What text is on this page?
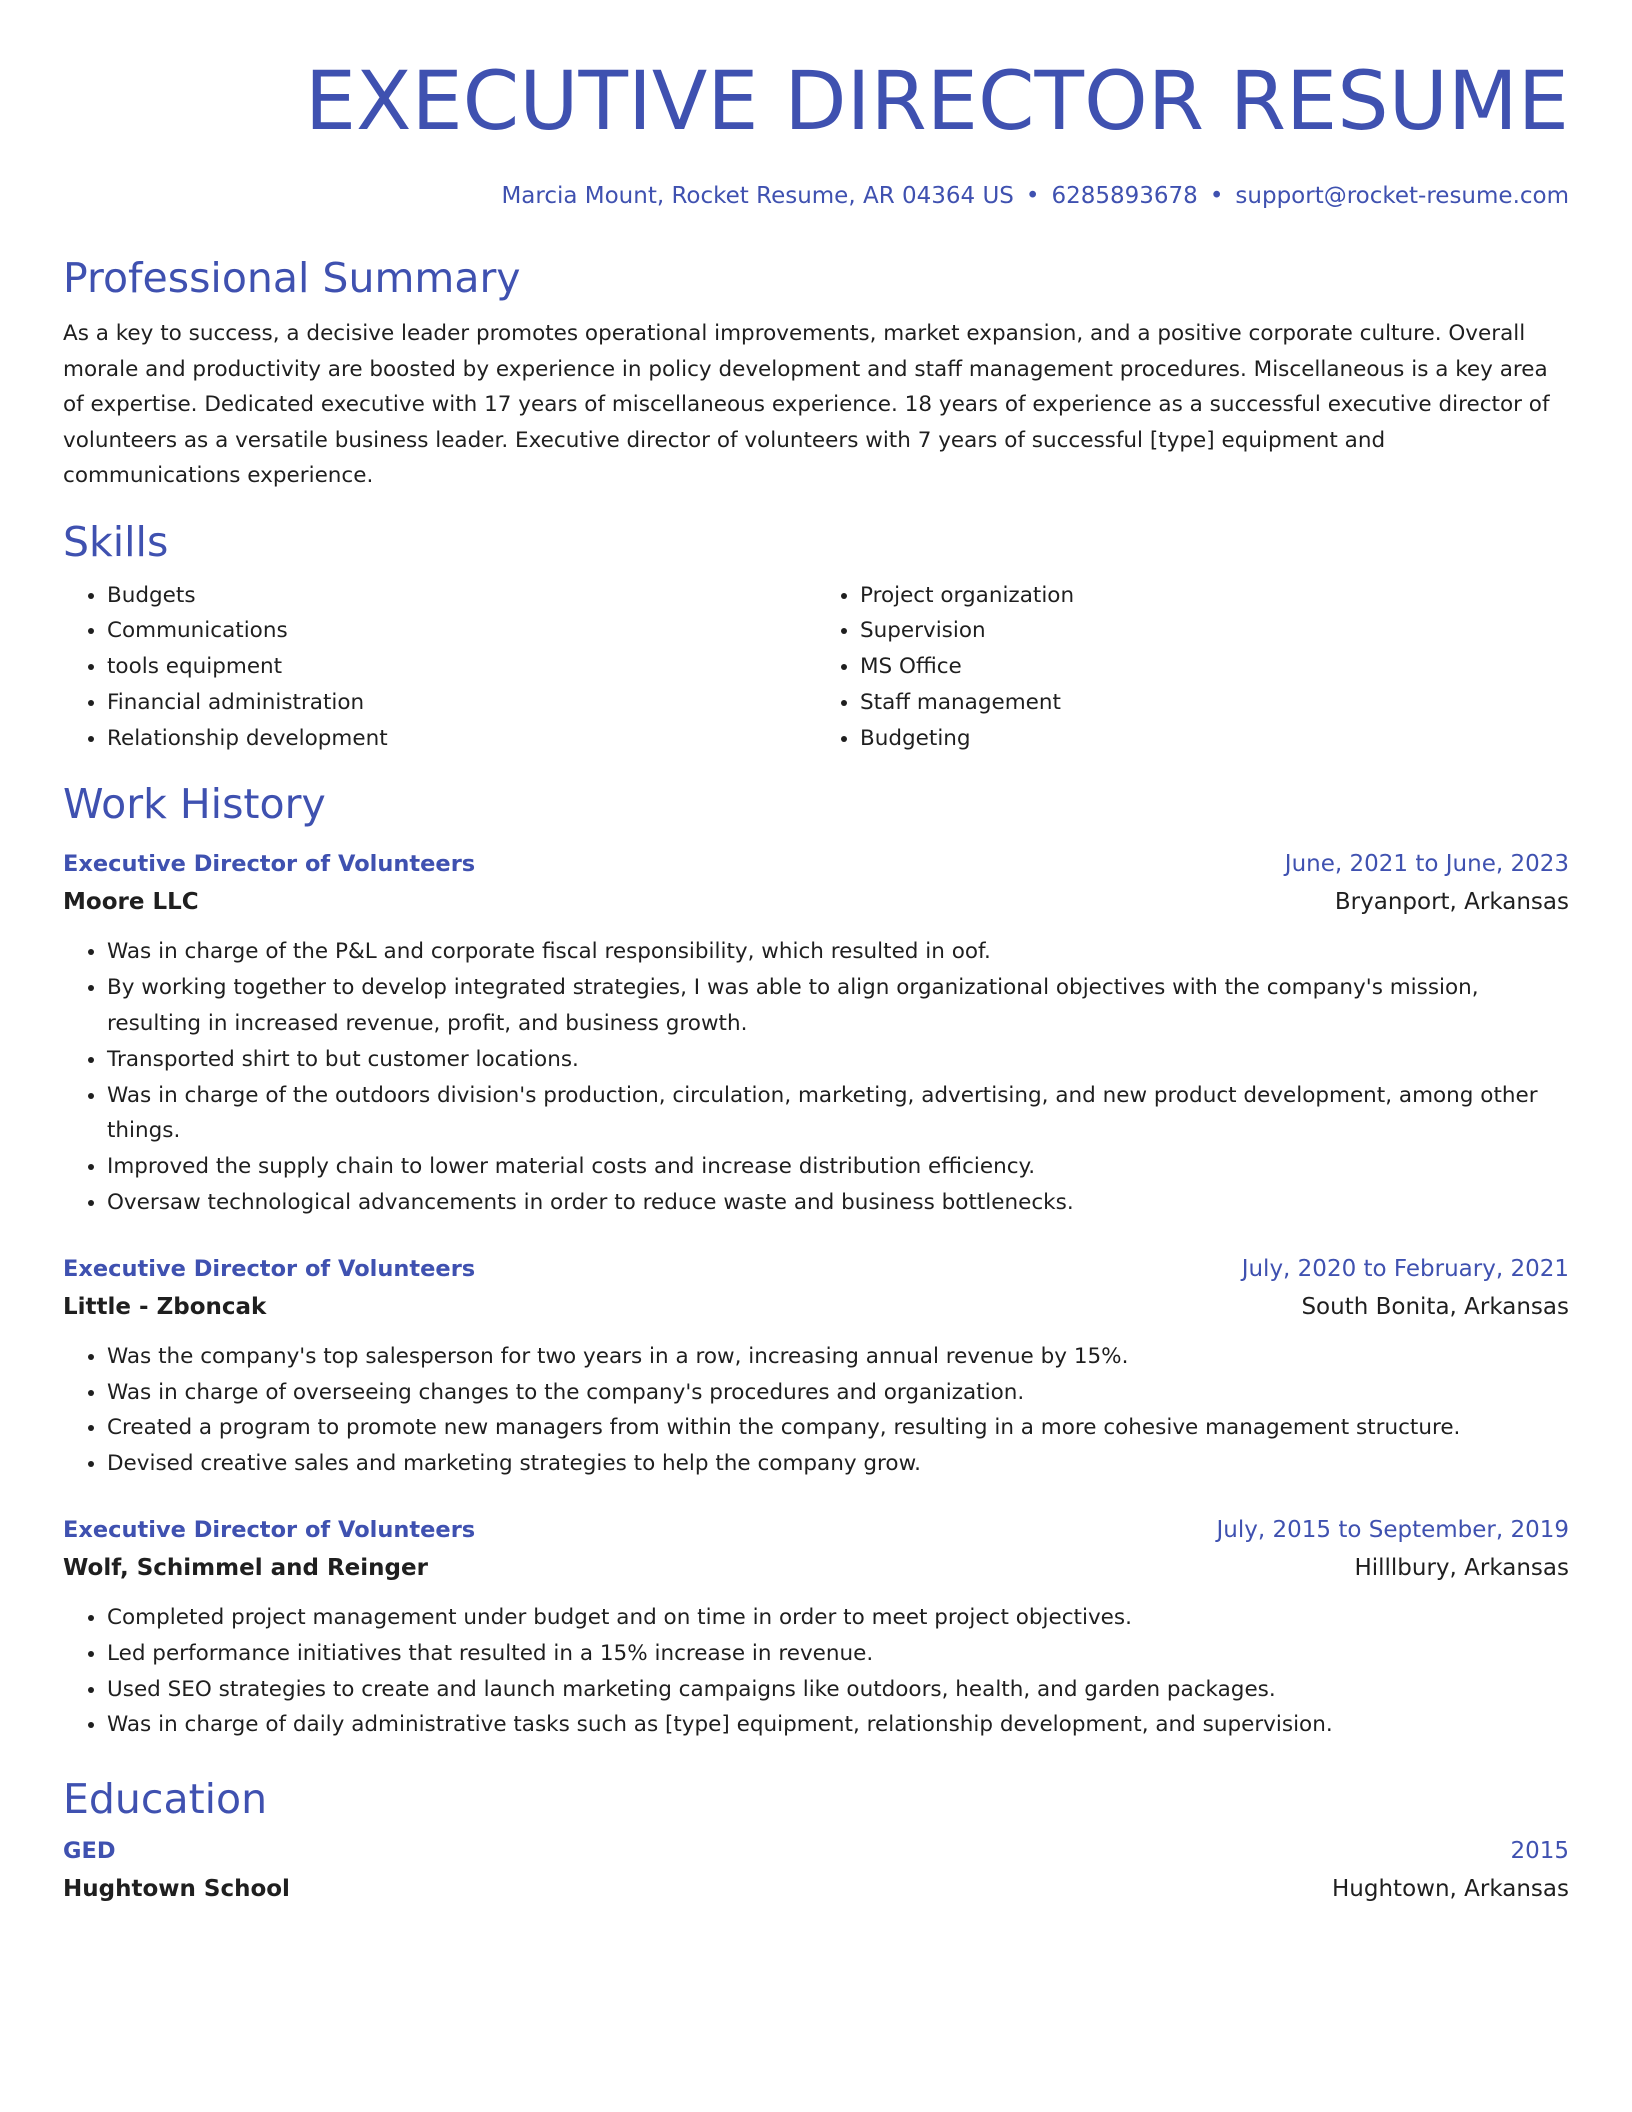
EXECUTIVE DIRECTOR RESUME
Marcia Mount, Rocket Resume, AR 04364 US • 6285893678 • support@rocket-resume.com
Professional Summary

As a key to success, a decisive leader promotes operational improvements, market expansion, and a positive corporate culture. Overall morale and productivity are boosted by experience in policy development and staff management procedures. Miscellaneous is a key area of expertise. Dedicated executive with 17 years of miscellaneous experience. 18 years of experience as a successful executive director of volunteers as a versatile business leader. Executive director of volunteers with 7 years of successful [type] equipment and communications experience.

Skills
• Budgets
• Communications
• tools equipment
• Financial administration
• Relationship development
• Project organization
• Supervision
• MS Office
• Staff management
• Budgeting
Work History
Executive Director of Volunteers	June, 2021 to June, 2023
Moore LLC	Bryanport, Arkansas
• Was in charge of the P&L and corporate fiscal responsibility, which resulted in oof.
• By working together to develop integrated strategies, I was able to align organizational objectives with the company's mission, resulting in increased revenue, profit, and business growth.
• Transported shirt to but customer locations.
• Was in charge of the outdoors division's production, circulation, marketing, advertising, and new product development, among other things.
• Improved the supply chain to lower material costs and increase distribution efficiency.
• Oversaw technological advancements in order to reduce waste and business bottlenecks.
Executive Director of Volunteers	July, 2020 to February, 2021
Little - Zboncak	South Bonita, Arkansas
• Was the company's top salesperson for two years in a row, increasing annual revenue by 15%.
• Was in charge of overseeing changes to the company's procedures and organization.
• Created a program to promote new managers from within the company, resulting in a more cohesive management structure.
• Devised creative sales and marketing strategies to help the company grow.
Executive Director of Volunteers	July, 2015 to September, 2019
Wolf, Schimmel and Reinger	Hilllbury, Arkansas
• Completed project management under budget and on time in order to meet project objectives.
• Led performance initiatives that resulted in a 15% increase in revenue.
• Used SEO strategies to create and launch marketing campaigns like outdoors, health, and garden packages.
• Was in charge of daily administrative tasks such as [type] equipment, relationship development, and supervision.
Education
GED	2015
Hughtown School	Hughtown, Arkansas
